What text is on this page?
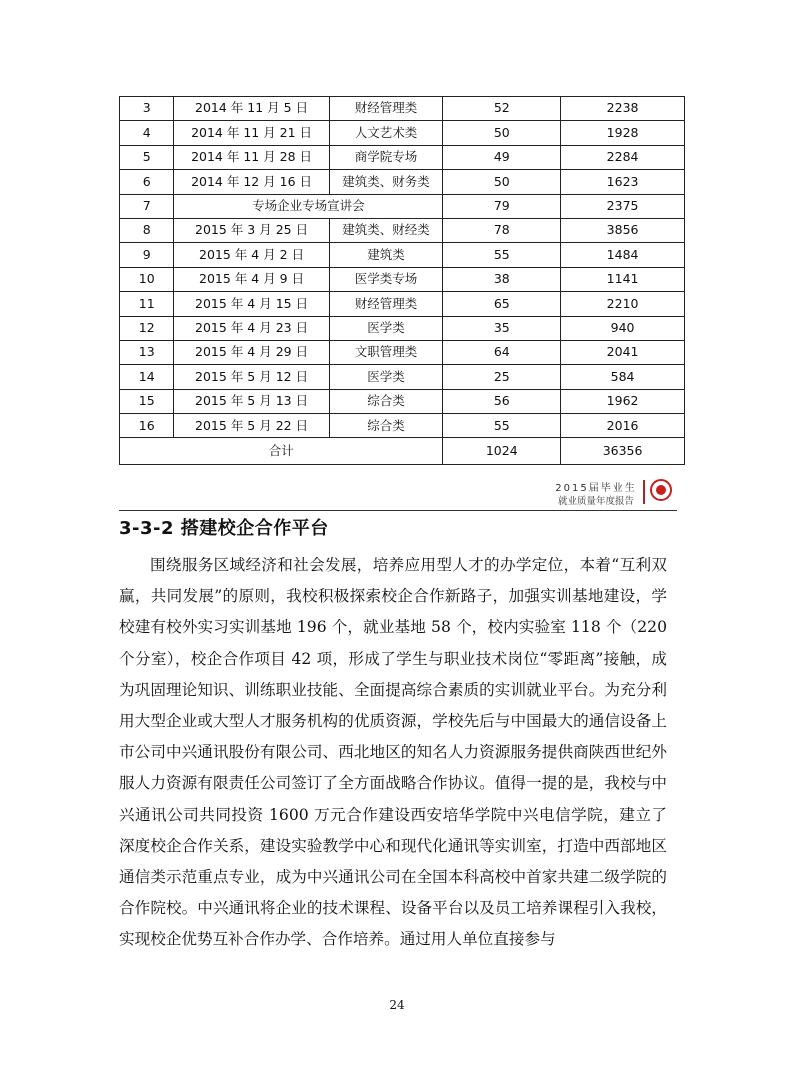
3	2014 年 11 月 5 日	财经管理类	52	2238
4	2014 年 11 月 21 日	人文艺术类	50	1928
5	2014 年 11 月 28 日	商学院专场	49	2284
6	2014 年 12 月 16 日	建筑类、财务类	50	1623
7	专场企业专场宣讲会		79	2375
8	2015 年 3 月 25 日	建筑类、财经类	78	3856
9	2015 年 4 月 2 日	建筑类	55	1484
10	2015 年 4 月 9 日	医学类专场	38	1141
11	2015 年 4 月 15 日	财经管理类	65	2210
12	2015 年 4 月 23 日	医学类	35	940
13	2015 年 4 月 29 日	文职管理类	64	2041
14	2015 年 5 月 12 日	医学类	25	584
15	2015 年 5 月 13 日	综合类	56	1962
16	2015 年 5 月 22 日	综合类	55	2016
合计			1024	36356
2015届毕业生
就业质量年度报告
3-3-2 搭建校企合作平台

围绕服务区域经济和社会发展，培养应用型人才的办学定位，本着“互利双赢，共同发展”的原则，我校积极探索校企合作新路子，加强实训基地建设，学校建有校外实习实训基地 196 个，就业基地 58 个，校内实验室 118 个（220 个分室），校企合作项目 42 项，形成了学生与职业技术岗位“零距离”接触，成为巩固理论知识、训练职业技能、全面提高综合素质的实训就业平台。为充分利用大型企业或大型人才服务机构的优质资源，学校先后与中国最大的通信设备上市公司中兴通讯股份有限公司、西北地区的知名人力资源服务提供商陕西世纪外服人力资源有限责任公司签订了全方面战略合作协议。值得一提的是，我校与中兴通讯公司共同投资 1600 万元合作建设西安培华学院中兴电信学院，建立了深度校企合作关系，建设实验教学中心和现代化通讯等实训室，打造中西部地区通信类示范重点专业，成为中兴通讯公司在全国本科高校中首家共建二级学院的合作院校。中兴通讯将企业的技术课程、设备平台以及员工培养课程引入我校，实现校企优势互补合作办学、合作培养。通过用人单位直接参与

24
